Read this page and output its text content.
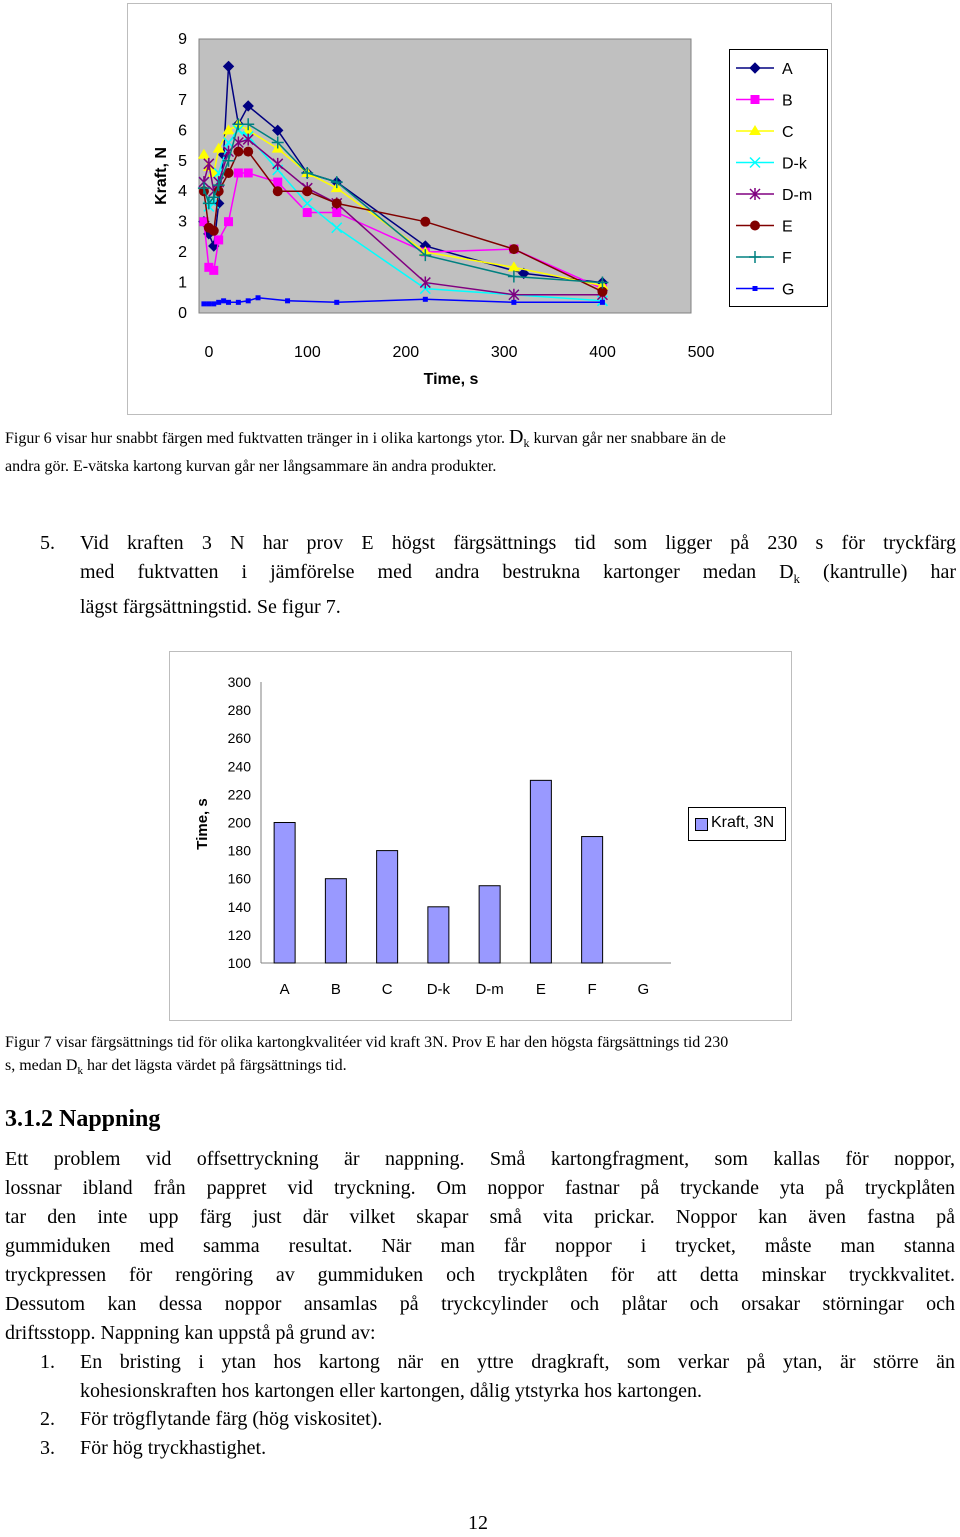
Kraft, N
Time, s
0
1
2
3
4
5
6
7
8
9
0	100	200	300	400	500
A
B
C
D-k
D-m
E
F
G
Figur 6 visar hur snabbt färgen med fuktvatten tränger in i olika kartongs ytor. $D_k$ kurvan går ner snabbare än de
andra gör. E-vätska kartong kurvan går ner långsammare än andra produkter.
5. Vid kraften 3 N har prov E högst färgsättnings tid som ligger på 230 s för tryckfärg
med fuktvatten i jämförelse med andra bestrukna kartonger medan $D_k$ (kantrulle) har
lägst färgsättningstid. Se figur 7.
Time, s
300
280
260
240
220
200
180
160
140
120
100
A	B	C D-k D-m E	F	G
Kraft, 3N
Figur 7 visar färgsättnings tid för olika kartongkvalitéer vid kraft 3N. Prov E har den högsta färgsättnings tid 230
s, medan $D_k$ har det lägsta värdet på färgsättnings tid.
3.1.2 Nappning
Ett problem vid offsettryckning är nappning. Små kartongfragment, som kallas för noppor,
lossnar ibland från pappret vid tryckning. Om noppor fastnar på tryckande yta på tryckplåten
tar den inte upp färg just där vilket skapar små vita prickar. Noppor kan även fastna på
gummiduken med samma resultat. När man får noppor i trycket, måste man stanna
tryckpressen för rengöring av gummiduken och tryckplåten för att detta minskar tryckkvalitet.
Dessutom kan dessa noppor ansamlas på tryckcylinder och plåtar och orsakar störningar och
driftsstopp. Nappning kan uppstå på grund av:
1. En bristing i ytan hos kartong när en yttre dragkraft, som verkar på ytan, är större än
kohesionskraften hos kartongen eller kartongen, dålig ytstyrka hos kartongen.
2. För trögflytande färg (hög viskositet).
3. För hög tryckhastighet.
12
